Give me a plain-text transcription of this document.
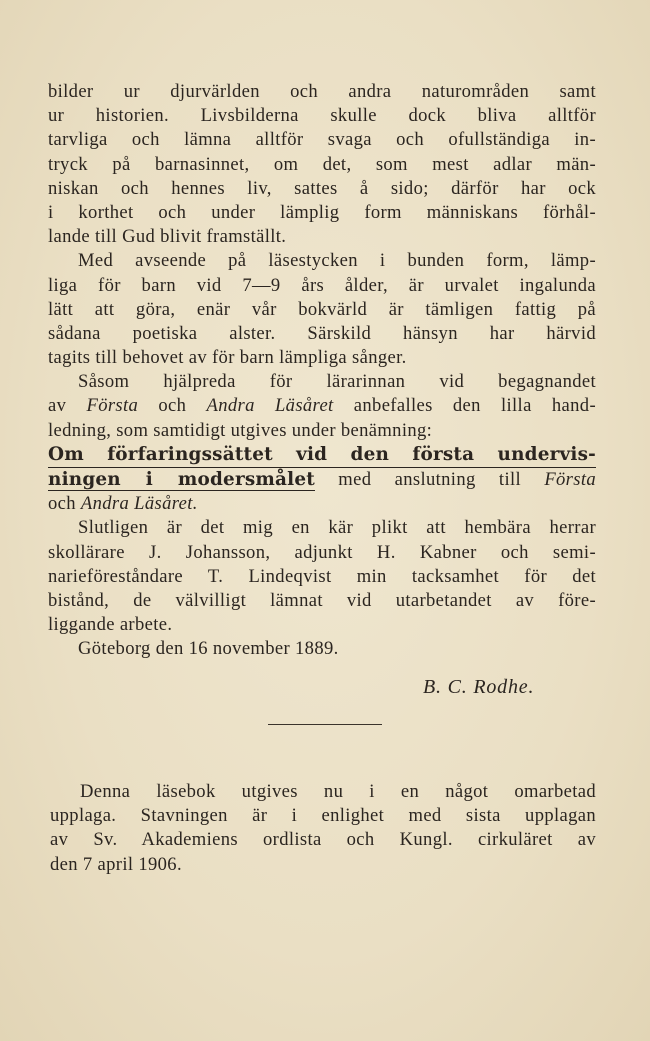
bilder ur djurvärlden och andra naturområden samt
ur historien. Livsbilderna skulle dock bliva alltför
tarvliga och lämna alltför svaga och ofullständiga in-
tryck på barnasinnet, om det, som mest adlar män-
niskan och hennes liv, sattes å sido; därför har ock
i korthet och under lämplig form människans förhål-
lande till Gud blivit framställt.
Med avseende på läsestycken i bunden form, lämp-
liga för barn vid 7—9 års ålder, är urvalet ingalunda
lätt att göra, enär vår bokvärld är tämligen fattig på
sådana poetiska alster. Särskild hänsyn har härvid
tagits till behovet av för barn lämpliga sånger.
Såsom hjälpreda för lärarinnan vid begagnandet
av Första och Andra Läsåret anbefalles den lilla hand-
ledning, som samtidigt utgives under benämning:
Om förfaringssättet vid den första undervis-
ningen i modersmålet med anslutning till Första
och Andra Läsåret.
Slutligen är det mig en kär plikt att hembära herrar
skollärare J. Johansson, adjunkt H. Kabner och semi-
narieföreståndare T. Lindeqvist min tacksamhet för det
bistånd, de välvilligt lämnat vid utarbetandet av före-
liggande arbete.
Göteborg den 16 november 1889.
B. C. Rodhe.
Denna läsebok utgives nu i en något omarbetad
upplaga. Stavningen är i enlighet med sista upplagan
av Sv. Akademiens ordlista och Kungl. cirkuläret av
den 7 april 1906.
